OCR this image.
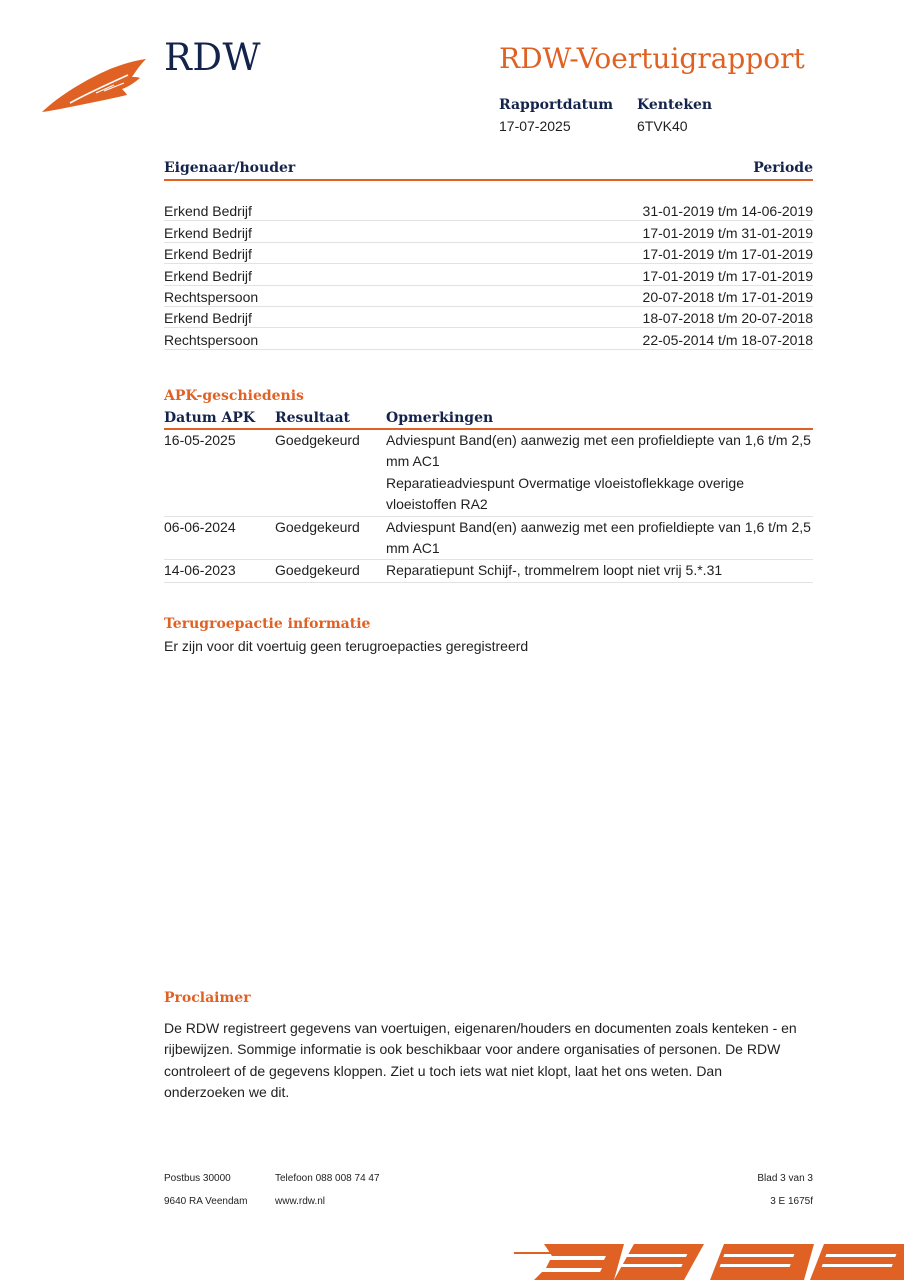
RDW	RDW-Voertuigrapport
Rapportdatum
17-07-2025
Kenteken
6TVK40
Eigenaar/houder	Periode
Erkend Bedrijf	31-01-2019 t/m 14-06-2019
Erkend Bedrijf	17-01-2019 t/m 31-01-2019
Erkend Bedrijf	17-01-2019 t/m 17-01-2019
Erkend Bedrijf	17-01-2019 t/m 17-01-2019
Rechtspersoon	20-07-2018 t/m 17-01-2019
Erkend Bedrijf	18-07-2018 t/m 20-07-2018
Rechtspersoon	22-05-2014 t/m 18-07-2018
APK-geschiedenis
Datum APK	Resultaat	Opmerkingen
16-05-2025	Goedgekeurd	Adviespunt Band(en) aanwezig met een profieldiepte van 1,6 t/m 2,5 mm AC1
Reparatieadviespunt Overmatige vloeistoflekkage overige vloeistoffen RA2
06-06-2024	Goedgekeurd	Adviespunt Band(en) aanwezig met een profieldiepte van 1,6 t/m 2,5 mm AC1
14-06-2023	Goedgekeurd	Reparatiepunt Schijf-, trommelrem loopt niet vrij 5.*.31
Terugroepactie informatie
Er zijn voor dit voertuig geen terugroepacties geregistreerd
Proclaimer
De RDW registreert gegevens van voertuigen, eigenaren/houders en documenten zoals kenteken - en rijbewijzen. Sommige informatie is ook beschikbaar voor andere organisaties of personen. De RDW controleert of de gegevens kloppen. Ziet u toch iets wat niet klopt, laat het ons weten. Dan onderzoeken we dit.
Postbus 30000
9640 RA Veendam
Telefoon 088 008 74 47
www.rdw.nl
Blad 3 van 3
3 E 1675f
